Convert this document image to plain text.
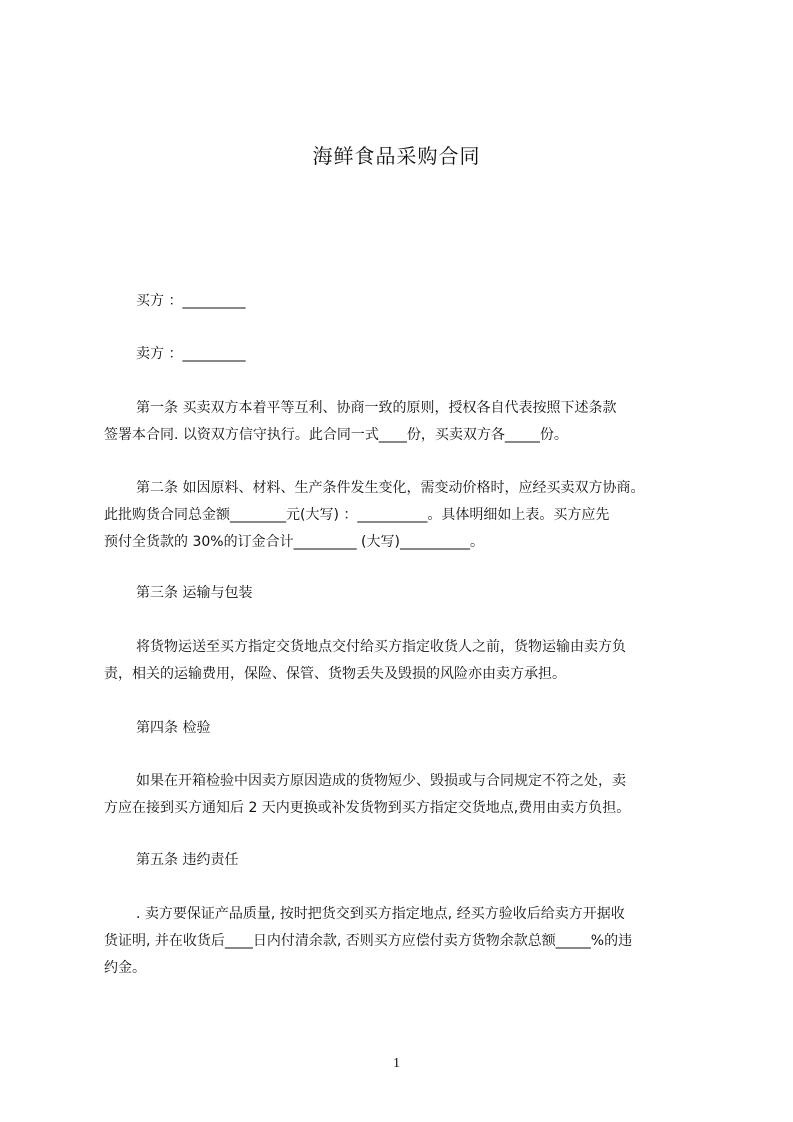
海鲜食品采购合同
买方 ：_________
卖方 ：_________
第一条 买卖双方本着平等互利、协商一致的原则，授权各自代表按照下述条款
签署本合同. 以资双方信守执行。此合同一式____份，买卖双方各_____份。
第二条 如因原料、材料、生产条件发生变化，需变动价格时，应经买卖双方协商。
此批购货合同总金额________元(大写) ：__________。具体明细如上表。买方应先
预付全货款的 30%的订金合计_________ (大写)__________。
第三条 运输与包装
将货物运送至买方指定交货地点交付给买方指定收货人之前，货物运输由卖方负
责，相关的运输费用，保险、保管、货物丢失及毁损的风险亦由卖方承担。
第四条 检验
如果在开箱检验中因卖方原因造成的货物短少、毁损或与合同规定不符之处，卖
方应在接到买方通知后 2 天内更换或补发货物到买方指定交货地点,费用由卖方负担。
第五条 违约责任
. 卖方要保证产品质量, 按时把货交到买方指定地点, 经买方验收后给卖方开据收
货证明, 并在收货后____日内付清余款, 否则买方应偿付卖方货物余款总额_____%的违
约金。
1
